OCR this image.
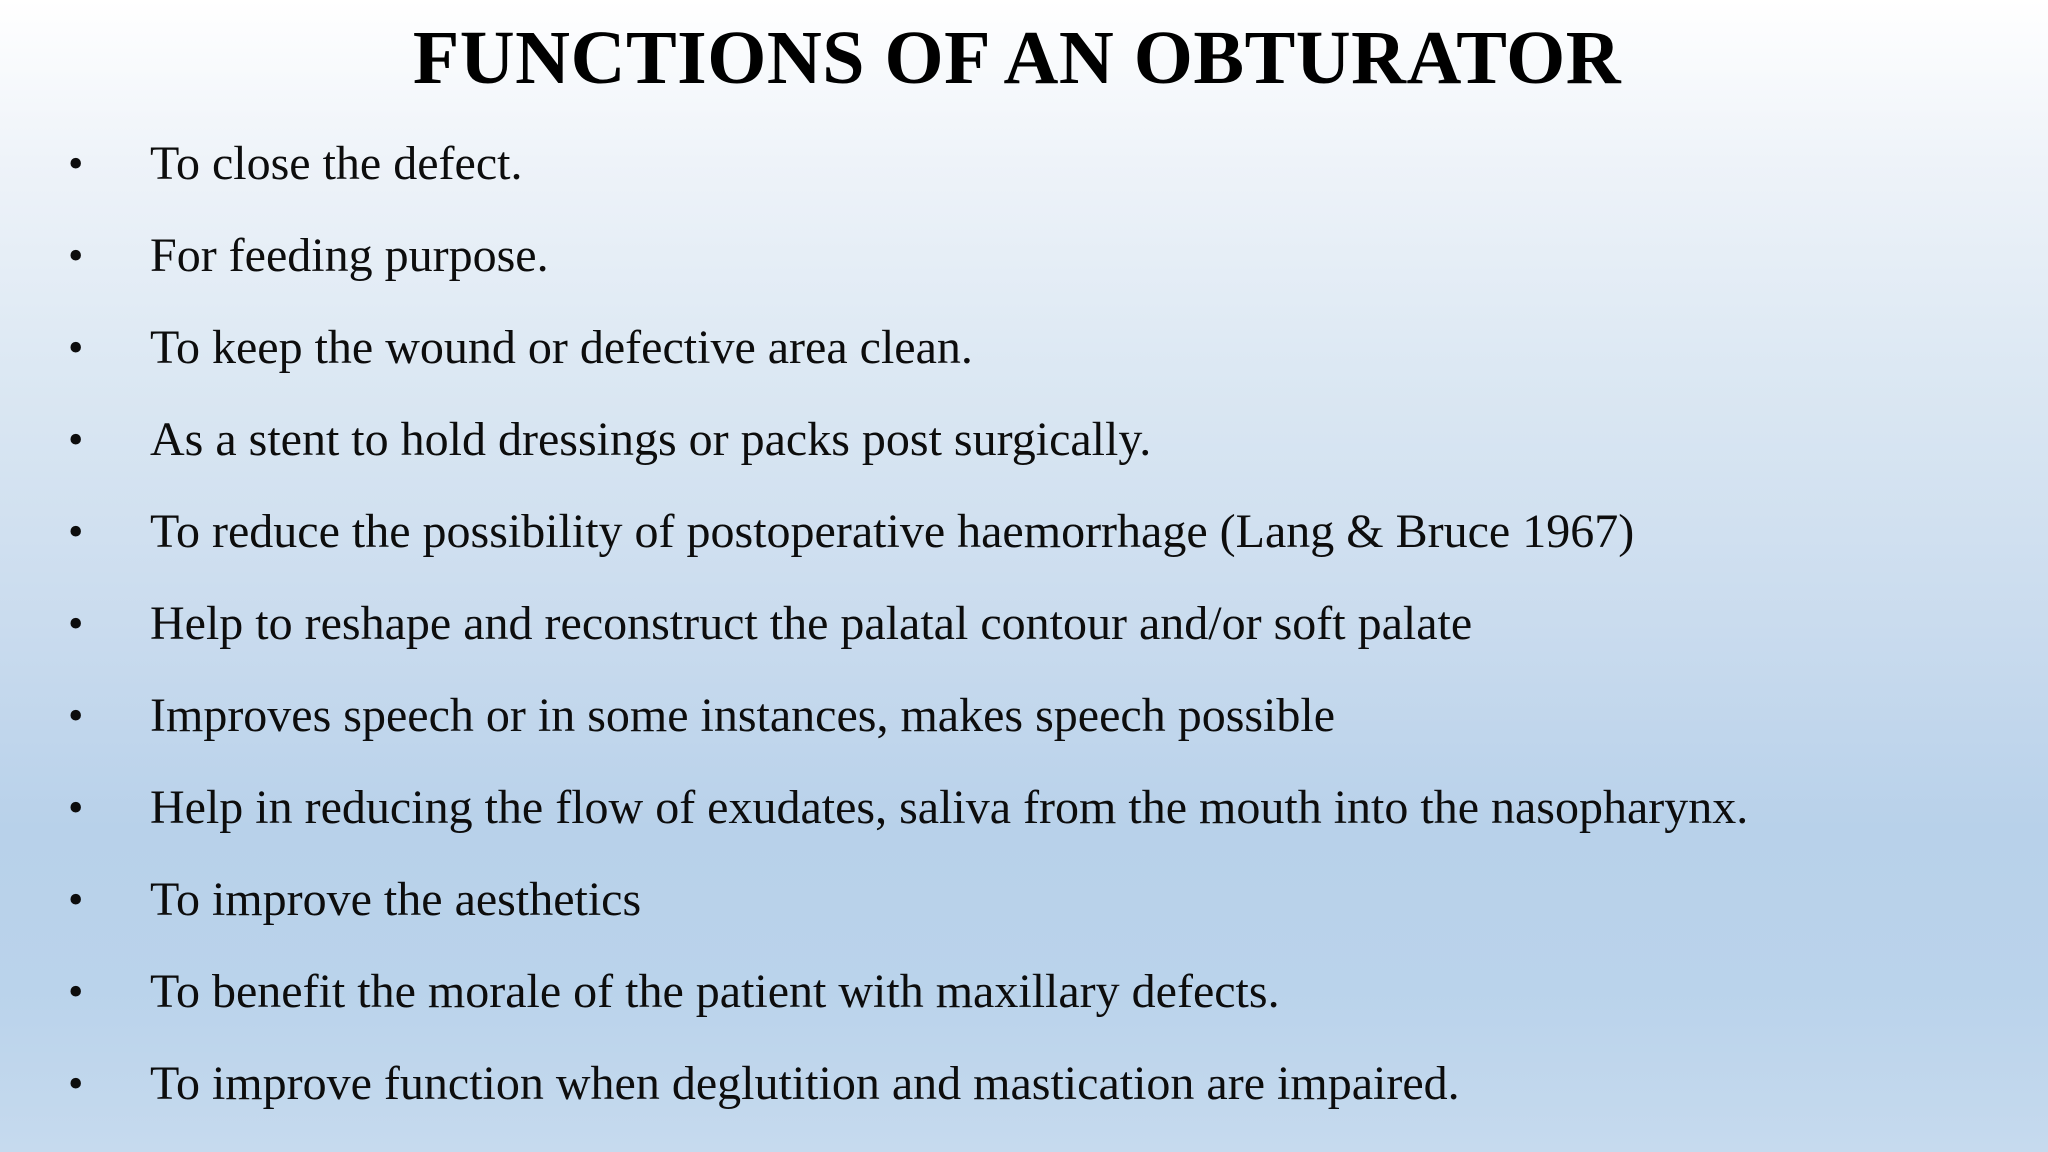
FUNCTIONS OF AN OBTURATOR
•	To close the defect.
•	For feeding purpose.
•	To keep the wound or defective area clean.
•	As a stent to hold dressings or packs post surgically.
•	To reduce the possibility of postoperative haemorrhage (Lang & Bruce 1967)
•	Help to reshape and reconstruct the palatal contour and/or soft palate
•	Improves speech or in some instances, makes speech possible
•	Help in reducing the flow of exudates, saliva from the mouth into the nasopharynx.
•	To improve the aesthetics
•	To benefit the morale of the patient with maxillary defects.
•	To improve function when deglutition and mastication are impaired.
